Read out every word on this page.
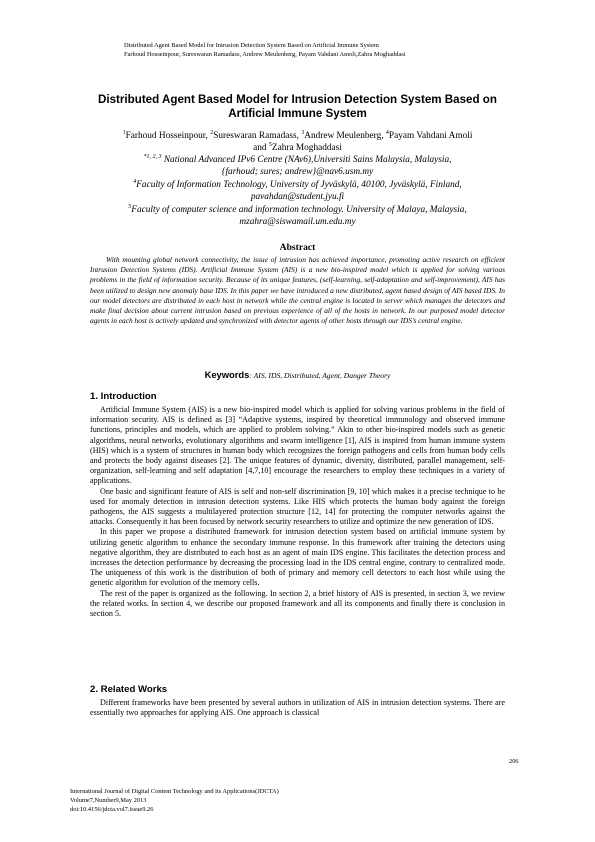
Distributed Agent Based Model for Intrusion Detection System Based on Artificial Immune System
Farhoud Hosseinpour, Sureswaran Ramadass, Andrew Meulenberg, Payam Vahdani Amoli,Zahra Moghaddasi
Distributed Agent Based Model for Intrusion Detection System Based on
Artificial Immune System
$^1$Farhoud Hosseinpour, $^2$Sureswaran Ramadass, $^3$Andrew Meulenberg, $^4$Payam Vahdani Amoli
and $^5$Zahra Moghaddasi
$^{*1, 2, 3}$ National Advanced IPv6 Centre (NAv6),Universiti Sains Malaysia, Malaysia,
{farhoud; sures; andrew}@nav6.usm.my
$^4$Faculty of Information Technology, University of Jyväskylä, 40100, Jyväskylä, Finland,
pavahdan@student.jyu.fi
$^5$Faculty of computer science and information technology. University of Malaya, Malaysia,
mzahra@siswamail.um.edu.my
Abstract
With mounting global network connectivity, the issue of intrusion has achieved importance, promoting active research on efficient Intrusion Detection Systems (IDS). Artificial Immune System (AIS) is a new bio-inspired model which is applied for solving various problems in the field of information security. Because of its unique features, (self-learning, self-adaptation and self-improvement), AIS has been utilized to design new anomaly base IDS. In this paper we have introduced a new distributed, agent based design of AIS based IDS. In our model detectors are distributed in each host in network while the central engine is located in server which manages the detectors and make final decision about current intrusion based on previous experience of all of the hosts in network. In our purposed model detector agents in each host is actively updated and synchronized with detector agents of other hosts through our IDS’s central engine.
Keywords: AIS, IDS, Distributed, Agent, Danger Theory
1. Introduction

Artificial Immune System (AIS) is a new bio-inspired model which is applied for solving various problems in the field of information security. AIS is defined as [3] “Adaptive systems, inspired by theoretical immunology and observed immune functions, principles and models, which are applied to problem solving.” Akin to other bio-inspired models such as genetic algorithms, neural networks, evolutionary algorithms and swarm intelligence [1], AIS is inspired from human immune system (HIS) which is a system of structures in human body which recognizes the foreign pathogens and cells from human body cells and protects the body against diseases [2]. The unique features of dynamic, diversity, distributed, parallel management, self-organization, self-learning and self adaptation [4,7,10] encourage the researchers to employ these techniques in a variety of applications.

One basic and significant feature of AIS is self and non-self discrimination [9, 10] which makes it a precise technique to be used for anomaly detection in intrusion detection systems. Like HIS which protects the human body against the foreign pathogens, the AIS suggests a multilayered protection structure [12, 14] for protecting the computer networks against the attacks. Consequently it has been focused by network security researchers to utilize and optimize the new generation of IDS.

In this paper we propose a distributed framework for intrusion detection system based on artificial immune system by utilizing genetic algorithm to enhance the secondary immune response. In this framework after training the detectors using negative algorithm, they are distributed to each host as an agent of main IDS engine. This facilitates the detection process and increases the detection performance by decreasing the processing load in the IDS central engine, contrary to centralized mode. The uniqueness of this work is the distribution of both of primary and memory cell detectors to each host while using the genetic algorithm for evolution of the memory cells.

The rest of the paper is organized as the following. In section 2, a brief history of AIS is presented, in section 3, we review the related works. In section 4, we describe our proposed framework and all its components and finally there is conclusion in section 5.

2. Related Works

Different frameworks have been presented by several authors in utilization of AIS in intrusion detection systems. There are essentially two approaches for applying AIS. One approach is classical

International Journal of Digital Content Technology and its Applications(JDCTA)
Volume7,Number9,May 2013
doi:10.4156/jdcta.vol7.issue9.26
206
